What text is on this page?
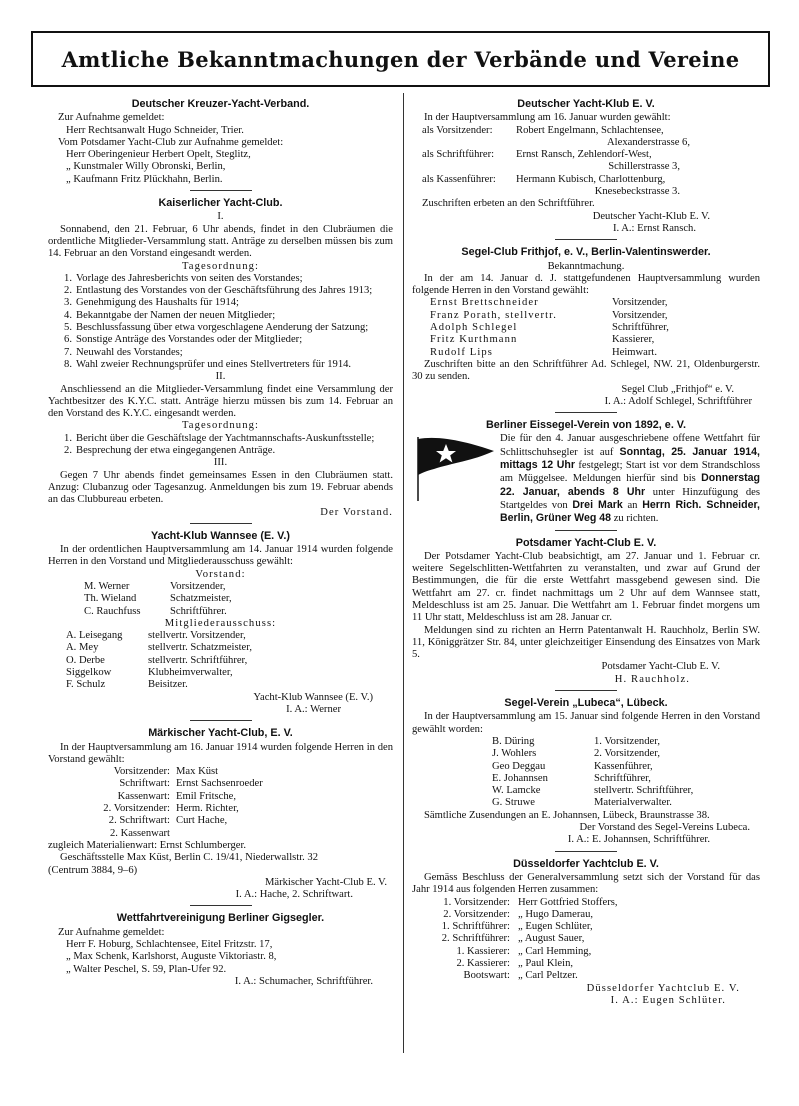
Amtliche Bekanntmachungen der Verbände und Vereine
Deutscher Kreuzer-Yacht-Verband.
Zur Aufnahme gemeldet:
Herr Rechtsanwalt Hugo Schneider, Trier.
Vom Potsdamer Yacht-Club zur Aufnahme gemeldet:
Herr Oberingenieur Herbert Opelt, Steglitz,
„ Kunstmaler Willy Obronski, Berlin,
„ Kaufmann Fritz Plückhahn, Berlin.
Kaiserlicher Yacht-Club.
I.
Sonnabend, den 21. Februar, 6 Uhr abends, findet in den Clubräumen die ordentliche Mitglieder-Versammlung statt. Anträge zu derselben müssen bis zum 14. Februar an den Vorstand eingesandt werden.
Tagesordnung:
1. Vorlage des Jahresberichts von seiten des Vorstandes;
2. Entlastung des Vorstandes von der Geschäftsführung des Jahres 1913;
3. Genehmigung des Haushalts für 1914;
4. Bekanntgabe der Namen der neuen Mitglieder;
5. Beschlussfassung über etwa vorgeschlagene Aenderung der Satzung;
6. Sonstige Anträge des Vorstandes oder der Mitglieder;
7. Neuwahl des Vorstandes;
8. Wahl zweier Rechnungsprüfer und eines Stellvertreters für 1914.
II.
Anschliessend an die Mitglieder-Versammlung findet eine Versammlung der Yachtbesitzer des K.Y.C. statt. Anträge hierzu müssen bis zum 14. Februar an den Vorstand des K.Y.C. eingesandt werden.
Tagesordnung:
1. Bericht über die Geschäftslage der Yachtmannschafts-Auskunftsstelle;
2. Besprechung der etwa eingegangenen Anträge.
III.
Gegen 7 Uhr abends findet gemeinsames Essen in den Clubräumen statt. Anzug: Clubanzug oder Tagesanzug. Anmeldungen bis zum 19. Februar abends an das Clubbureau erbeten.
Der Vorstand.
Yacht-Klub Wannsee (E. V.)
In der ordentlichen Hauptversammlung am 14. Januar 1914 wurden folgende Herren in den Vorstand und Mitgliederausschuss gewählt:
Vorstand:
M. Werner	Vorsitzender,
Th. Wieland	Schatzmeister,
C. Rauchfuss	Schriftführer.
Mitgliederausschuss:
A. Leisegang	stellvertr. Vorsitzender,
A. Mey	stellvertr. Schatzmeister,
O. Derbe	stellvertr. Schriftführer,
Siggelkow	Klubheimverwalter,
F. Schulz	Beisitzer.
Yacht-Klub Wannsee (E. V.)
I. A.: Werner
Märkischer Yacht-Club, E. V.
In der Hauptversammlung am 16. Januar 1914 wurden folgende Herren in den Vorstand gewählt:
Vorsitzender: Max Küst
Schriftwart: Ernst Sachsenroeder
Kassenwart: Emil Fritsche,
2. Vorsitzender: Herm. Richter,
2. Schriftwart: Curt Hache,
2. Kassenwart
zugleich Materialienwart: Ernst Schlumberger.
Geschäftsstelle Max Küst, Berlin C. 19/41, Niederwallstr. 32
(Centrum 3884, 9–6)
Märkischer Yacht-Club E. V.
I. A.: Hache, 2. Schriftwart.
Wettfahrtvereinigung Berliner Gigsegler.
Zur Aufnahme gemeldet:
Herr F. Hoburg, Schlachtensee, Eitel Fritzstr. 17,
„ Max Schenk, Karlshorst, Auguste Viktoriastr. 8,
„ Walter Peschel, S. 59, Plan-Ufer 92.
I. A.: Schumacher, Schriftführer.
Deutscher Yacht-Klub E. V.
In der Hauptversammlung am 16. Januar wurden gewählt:
als Vorsitzender:	Robert Engelmann, Schlachtensee,
Alexanderstrasse 6,
als Schriftführer:	Ernst Ransch, Zehlendorf-West,
Schillerstrasse 3,
als Kassenführer:	Hermann Kubisch, Charlottenburg,
Knesebeckstrasse 3.
Zuschriften erbeten an den Schriftführer.
Deutscher Yacht-Klub E. V.
I. A.: Ernst Ransch.
Segel-Club Frithjof, e. V., Berlin-Valentinswerder.
Bekanntmachung.
In der am 14. Januar d. J. stattgefundenen Hauptversammlung wurden folgende Herren in den Vorstand gewählt:
Ernst Brettschneider	Vorsitzender,
Franz Porath, stellvertr.	Vorsitzender,
Adolph Schlegel	Schriftführer,
Fritz Kurthmann	Kassierer,
Rudolf Lips	Heimwart.
Zuschriften bitte an den Schriftführer Ad. Schlegel, NW. 21, Oldenburgerstr. 30 zu senden.
Segel Club „Frithjof“ e. V.
I. A.: Adolf Schlegel, Schriftführer
Berliner Eissegel-Verein von 1892, e. V.
Die für den 4. Januar ausgeschriebene offene Wettfahrt für Schlittschuhsegler ist auf Sonntag, 25. Januar 1914, mittags 12 Uhr festgelegt; Start ist vor dem Strandschloss am Müggelsee. Meldungen hierfür sind bis Donnerstag 22. Januar, abends 8 Uhr unter Hinzufügung des Startgeldes von Drei Mark an Herrn Rich. Schneider, Berlin, Grüner Weg 48 zu richten.
Potsdamer Yacht-Club E. V.
Der Potsdamer Yacht-Club beabsichtigt, am 27. Januar und 1. Februar cr. weitere Segelschlitten-Wettfahrten zu veranstalten, und zwar auf Grund der Bestimmungen, die für die erste Wettfahrt massgebend gewesen sind. Die Wettfahrt am 27. cr. findet nachmittags um 2 Uhr auf dem Wannsee statt, Meldeschluss ist am 25. Januar. Die Wettfahrt am 1. Februar findet morgens um 11 Uhr statt, Meldeschluss ist am 28. Januar cr.
Meldungen sind zu richten an Herrn Patentanwalt H. Rauchholz, Berlin SW. 11, Königgrätzer Str. 84, unter gleichzeitiger Einsendung des Einsatzes von Mark 5.
Potsdamer Yacht-Club E. V.
H. Rauchholz.
Segel-Verein „Lubeca“, Lübeck.
In der Hauptversammlung am 15. Januar sind folgende Herren in den Vorstand gewählt worden:
B. Düring	1. Vorsitzender,
J. Wohlers	2. Vorsitzender,
Geo Deggau	Kassenführer,
E. Johannsen	Schriftführer,
W. Lamcke	stellvertr. Schriftführer,
G. Struwe	Materialverwalter.
Sämtliche Zusendungen an E. Johannsen, Lübeck, Braunstrasse 38.
Der Vorstand des Segel-Vereins Lubeca.
I. A.: E. Johannsen, Schriftführer.
Düsseldorfer Yachtclub E. V.
Gemäss Beschluss der Generalversammlung setzt sich der Vorstand für das Jahr 1914 aus folgenden Herren zusammen:
1. Vorsitzender: Herr Gottfried Stoffers,
2. Vorsitzender: „ Hugo Damerau,
1. Schriftführer: „ Eugen Schlüter,
2. Schriftführer: „ August Sauer,
1. Kassierer: „ Carl Hemming,
2. Kassierer: „ Paul Klein,
Bootswart: „ Carl Peltzer.
Düsseldorfer Yachtclub E. V.
I. A.: Eugen Schlüter.
